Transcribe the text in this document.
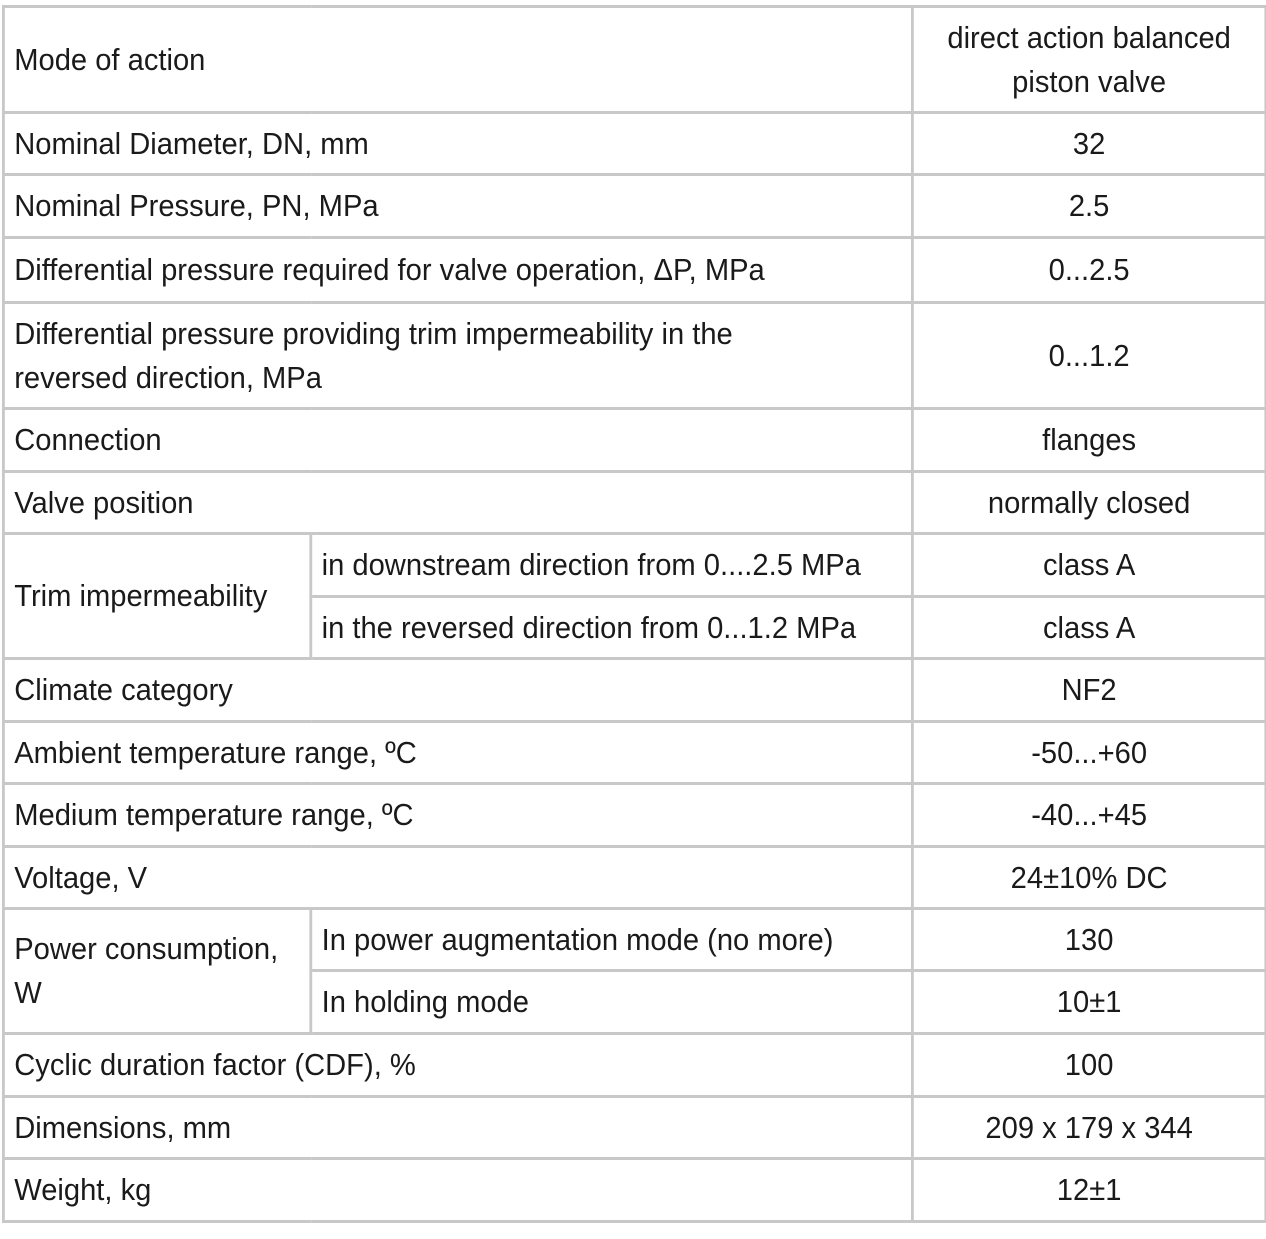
Mode of action		direct action balanced piston valve
Nominal Diameter, DN, mm		32
Nominal Pressure, PN, MPa		2.5
Differential pressure required for valve operation, ΔP, MPa		0...2.5

Differential pressure providing trim impermeability in the reversed direction, MPa		0...1.2
Connection		flanges
Valve position		normally closed
Trim impermeability	in downstream direction from 0....2.5 MPa	class A
	in the reversed direction from 0...1.2 MPa	class A
Climate category		NF2
Ambient temperature range, ºC		-50...+60
Medium temperature range, ºC		-40...+45
Voltage, V		24±10% DC

Power consumption, W	In power augmentation mode (no more)	130
	In holding mode	10±1
Cyclic duration factor (CDF), %		100
Dimensions, mm		209 x 179 x 344
Weight, kg		12±1
